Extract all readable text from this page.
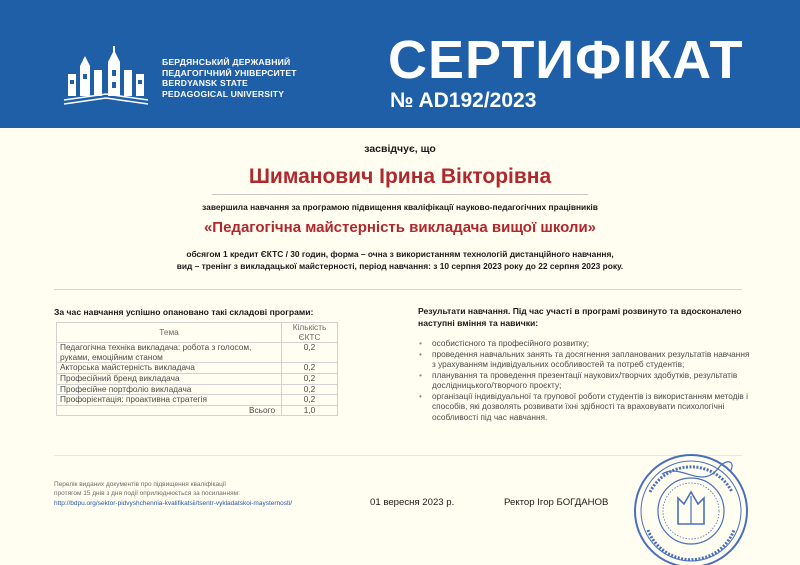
БЕРДЯНСЬКИЙ ДЕРЖАВНИЙ
ПЕДАГОГІЧНИЙ УНІВЕРСИТЕТ
BERDYANSK STATE
PEDAGOGICAL UNIVERSITY
СЕРТИФІКАТ
№ AD192/2023
засвідчує, що
Шиманович Ірина Вікторівна
завершила навчання за програмою підвищення кваліфікації науково-педагогічних працівників
«Педагогічна майстерність викладача вищої школи»
обсягом 1 кредит ЄКТС / 30 годин, форма – очна з використанням технологій дистанційного навчання,
вид – тренінг з викладацької майстерності, період навчання: з 10 серпня 2023 року до 22 серпня 2023 року.
За час навчання успішно опановано такі складові програми:
Тема	Кількість ЄКТС
Педагогічна техніка викладача: робота з голосом, руками, емоційним станом	0,2
Акторська майстерність викладача	0,2
Професійний бренд викладача	0,2
Професійне портфоліо викладача	0,2
Профорієнтація: проактивна стратегія	0,2
Всього	1,0
Результати навчання. Під час участі в програмі розвинуто та вдосконалено наступні вміння та навички:
• особистісного та професійного розвитку;
• проведення навчальних занять та досягнення запланованих результатів навчання з урахуванням індивідуальних особливостей та потреб студентів;
• планування та проведення презентації наукових/творчих здобутків, результатів дослідницького/творчого проєкту;
• організації індивідуальної та групової роботи студентів із використанням методів і способів, які дозволять розвивати їхні здібності та враховувати психологічні особливості під час навчання.
Перелік виданих документів про підвищення кваліфікації
протягом 15 днів з дня події оприлюднюється за посиланням:
http://bdpu.org/sektor-pidvyshchennia-kvalifikatsii/tsentr-vykladatskoi-maysternosti/	01 вересня 2023 р.	Ректор Ігор БОГДАНОВ
